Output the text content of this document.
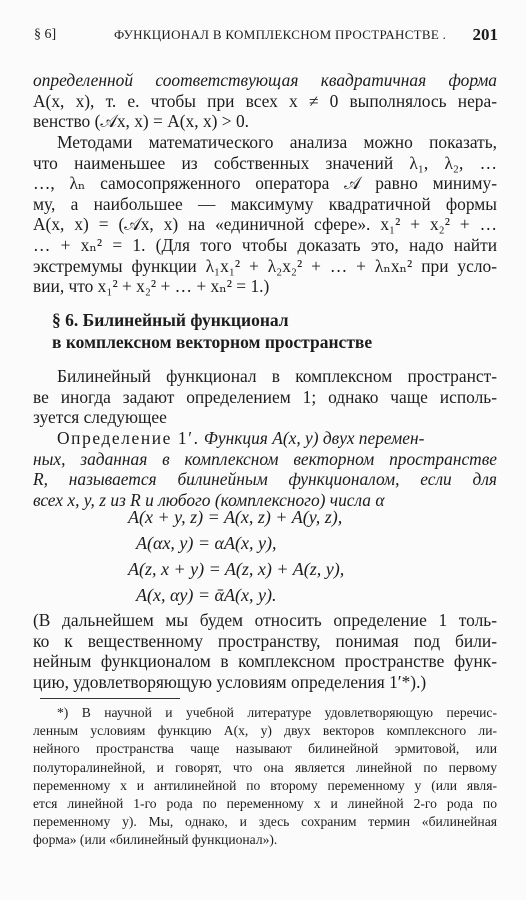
§ 6]	ФУНКЦИОНАЛ В КОМПЛЕКСНОМ ПРОСТРАНСТВЕ . 201
определенной соответствующая квадратичная форма
A(x, x), т. е. чтобы при всех x ≠ 0 выполнялось нера-
венство (𝒜x, x) = A(x, x) > 0.
Методами математического анализа можно показать,
что наименьшее из собственных значений λ₁, λ₂, …
…, λₙ самосопряженного оператора 𝒜 равно миниму-
му, а наибольшее — максимуму квадратичной формы
A(x, x) = (𝒜x, x) на «единичной сфере». x₁² + x₂² + …
… + xₙ² = 1. (Для того чтобы доказать это, надо найти
экстремумы функции λ₁x₁² + λ₂x₂² + … + λₙxₙ² при усло-
вии, что x₁² + x₂² + … + xₙ² = 1.)
§ 6. Билинейный функционал
в комплексном векторном пространстве
Билинейный функционал в комплексном пространст-
ве иногда задают определением 1; однако чаще исполь-
зуется следующее
Определение 1′. Функция A(x, y) двух перемен-
ных, заданная в комплексном векторном пространстве
R, называется билинейным функционалом, если для
всех x, y, z из R и любого (комплексного) числа α
A(x + y, z) = A(x, z) + A(y, z),
A(αx, y) = αA(x, y),
A(z, x + y) = A(z, x) + A(z, y),
A(x, αy) = ᾱA(x, y).
(В дальнейшем мы будем относить определение 1 толь-
ко к вещественному пространству, понимая под били-
нейным функционалом в комплексном пространстве функ-
цию, удовлетворяющую условиям определения 1′*).)
*) В научной и учебной литературе удовлетворяющую перечис-
ленным условиям функцию A(x, y) двух векторов комплексного ли-
нейного пространства чаще называют билинейной эрмитовой, или
полуторалинейной, и говорят, что она является линейной по первому
переменному x и антилинейной по второму переменному y (или явля-
ется линейной 1-го рода по переменному x и линейной 2-го рода по
переменному y). Мы, однако, и здесь сохраним термин «билинейная
форма» (или «билинейный функционал»).
